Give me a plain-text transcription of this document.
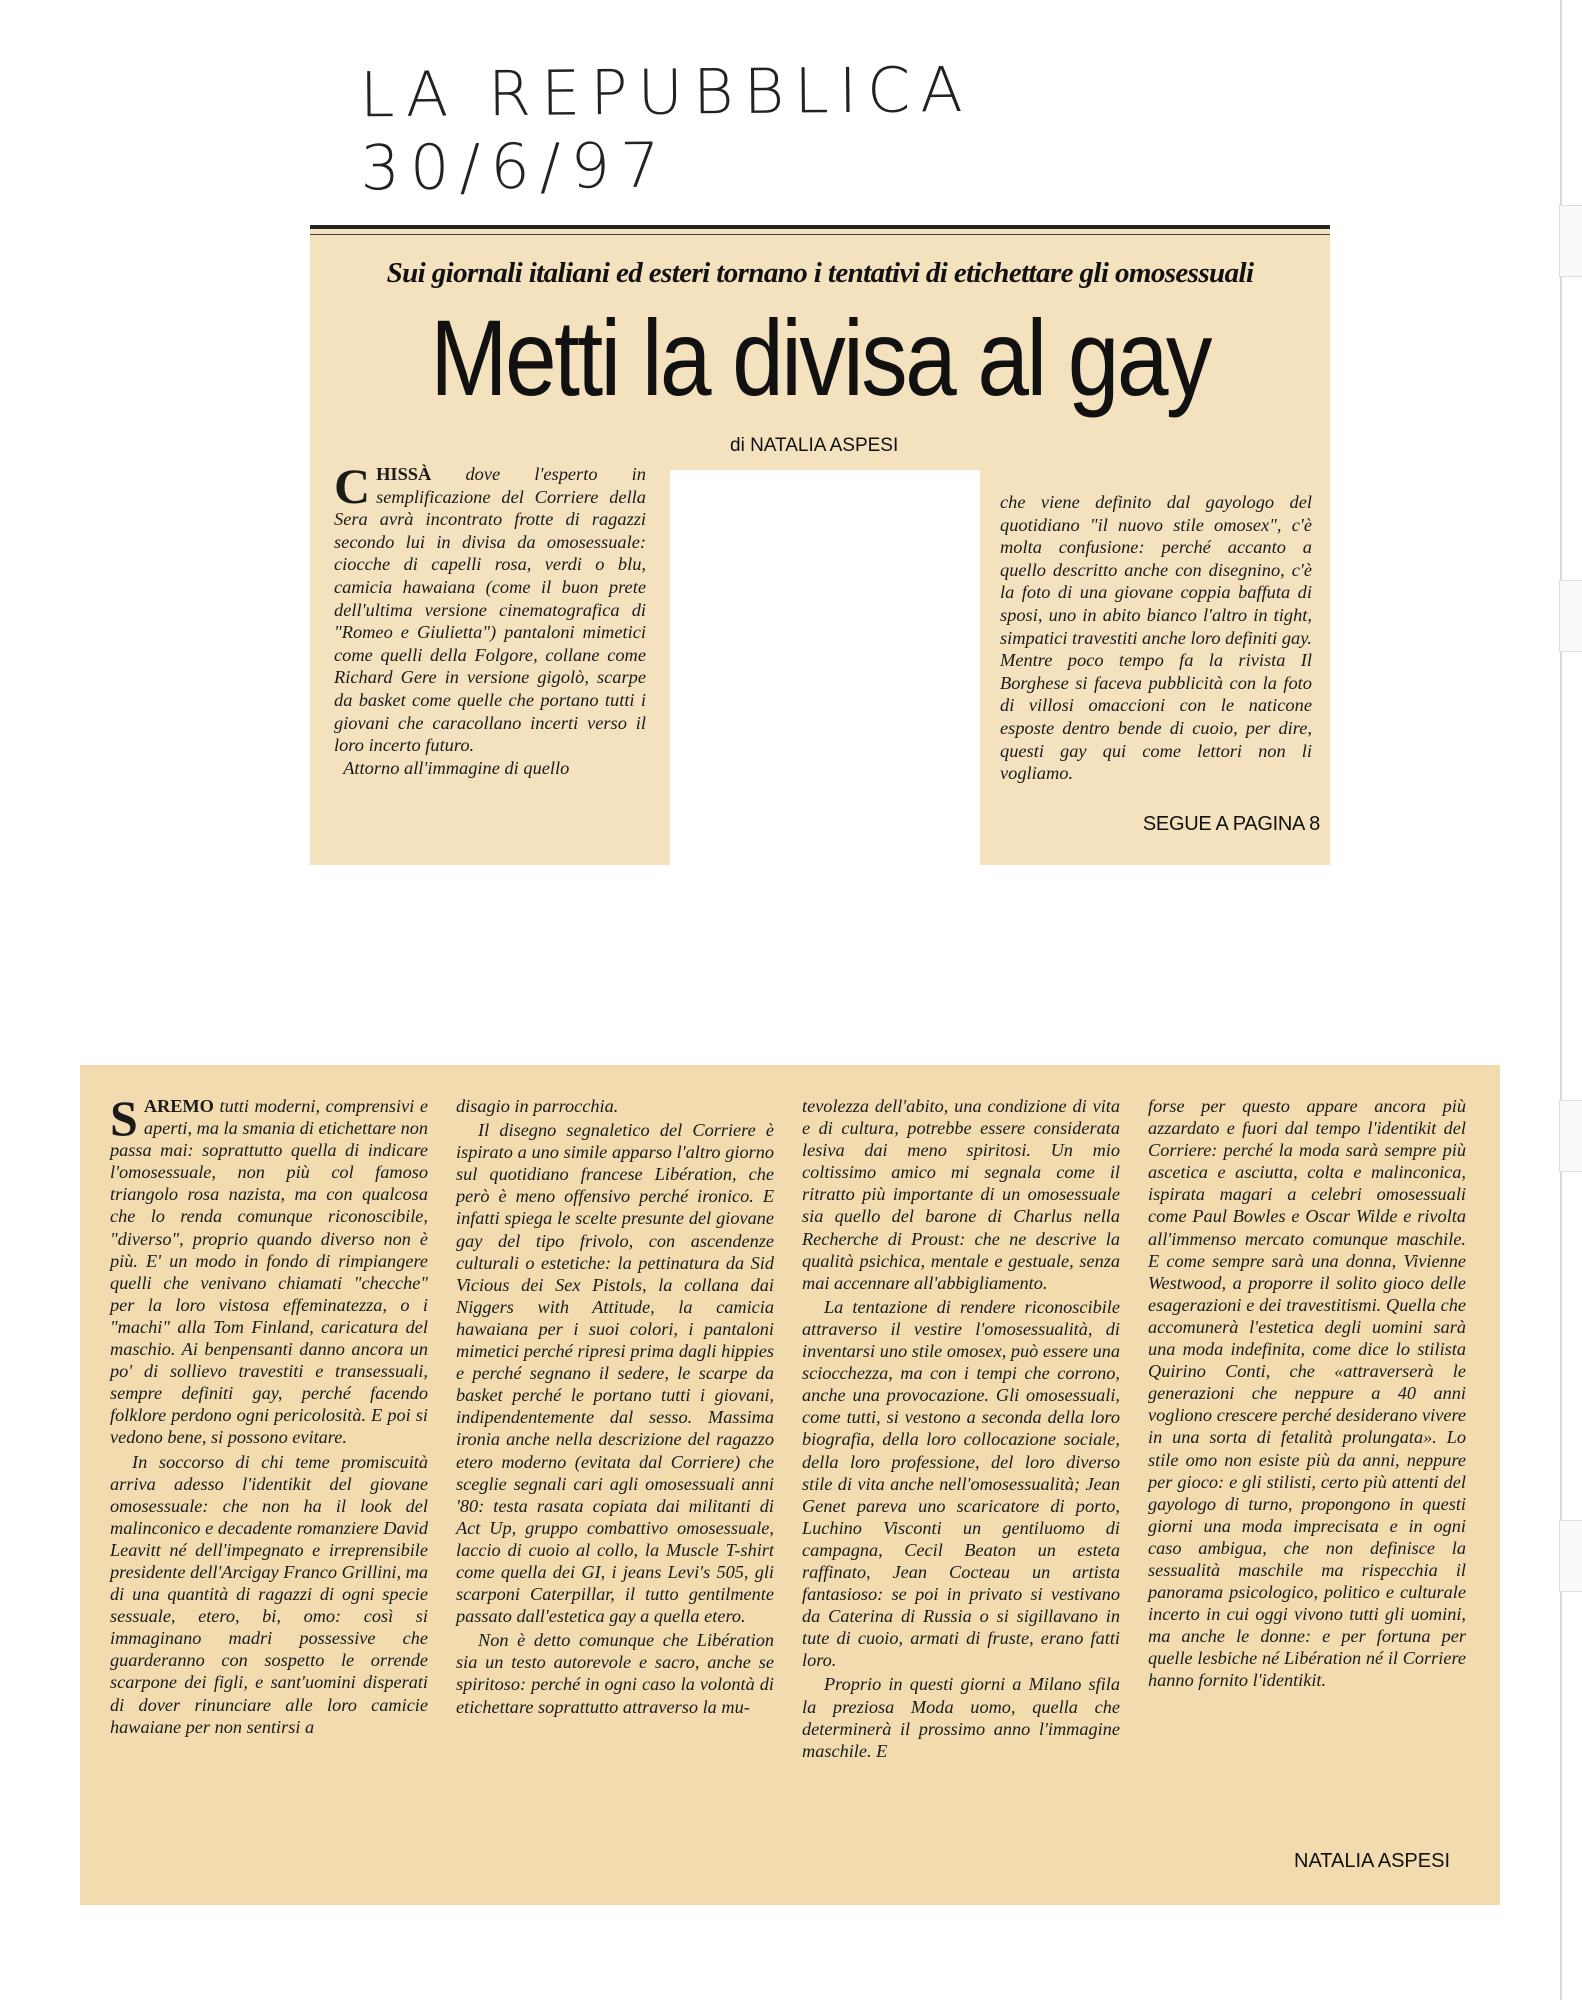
LA REPUBBLICA 30/6/97
Sui giornali italiani ed esteri tornano i tentativi di etichettare gli omosessuali
Metti la divisa al gay
di NATALIA ASPESI
CHISSÀ dove l'esperto in semplificazione del Corriere della Sera avrà incontrato frotte di ragazzi secondo lui in divisa da omosessuale: ciocche di capelli rosa, verdi o blu, camicia hawaiana (come il buon prete dell'ultima versione cinematografica di "Romeo e Giulietta") pantaloni mimetici come quelli della Folgore, collane come Richard Gere in versione gigolò, scarpe da basket come quelle che portano tutti i giovani che caracollano incerti verso il loro incerto futuro.
Attorno all'immagine di quello
che viene definito dal gayologo del quotidiano "il nuovo stile omosex", c'è molta confusione: perché accanto a quello descritto anche con disegnino, c'è la foto di una giovane coppia baffuta di sposi, uno in abito bianco l'altro in tight, simpatici travestiti anche loro definiti gay. Mentre poco tempo fa la rivista Il Borghese si faceva pubblicità con la foto di villosi omaccioni con le naticone esposte dentro bende di cuoio, per dire, questi gay qui come lettori non li vogliamo.
SEGUE A PAGINA 8

SAREMO tutti moderni, comprensivi e aperti, ma la smania di etichettare non passa mai: soprattutto quella di indicare l'omosessuale, non più col famoso triangolo rosa nazista, ma con qualcosa che lo renda comunque riconoscibile, "diverso", proprio quando diverso non è più. E' un modo in fondo di rimpiangere quelli che venivano chiamati "checche" per la loro vistosa effeminatezza, o i "machi" alla Tom Finland, caricatura del maschio. Ai benpensanti danno ancora un po' di sollievo travestiti e transessuali, sempre definiti gay, perché facendo folklore perdono ogni pericolosità. E poi si vedono bene, si possono evitare.

In soccorso di chi teme promiscuità arriva adesso l'identikit del giovane omosessuale: che non ha il look del malinconico e decadente romanziere David Leavitt né dell'impegnato e irreprensibile presidente dell'Arcigay Franco Grillini, ma di una quantità di ragazzi di ogni specie sessuale, etero, bi, omo: così si immaginano madri possessive che guarderanno con sospetto le orrende scarpone dei figli, e sant'uomini disperati di dover rinunciare alle loro camicie hawaiane per non sentirsi a

disagio in parrocchia.

Il disegno segnaletico del Corriere è ispirato a uno simile apparso l'altro giorno sul quotidiano francese Libération, che però è meno offensivo perché ironico. E infatti spiega le scelte presunte del giovane gay del tipo frivolo, con ascendenze culturali o estetiche: la pettinatura da Sid Vicious dei Sex Pistols, la collana dai Niggers with Attitude, la camicia hawaiana per i suoi colori, i pantaloni mimetici perché ripresi prima dagli hippies e perché segnano il sedere, le scarpe da basket perché le portano tutti i giovani, indipendentemente dal sesso. Massima ironia anche nella descrizione del ragazzo etero moderno (evitata dal Corriere) che sceglie segnali cari agli omosessuali anni '80: testa rasata copiata dai militanti di Act Up, gruppo combattivo omosessuale, laccio di cuoio al collo, la Muscle T-shirt come quella dei GI, i jeans Levi's 505, gli scarponi Caterpillar, il tutto gentilmente passato dall'estetica gay a quella etero.

Non è detto comunque che Libération sia un testo autorevole e sacro, anche se spiritoso: perché in ogni caso la volontà di etichettare soprattutto attraverso la mu-

tevolezza dell'abito, una condizione di vita e di cultura, potrebbe essere considerata lesiva dai meno spiritosi. Un mio coltissimo amico mi segnala come il ritratto più importante di un omosessuale sia quello del barone di Charlus nella Recherche di Proust: che ne descrive la qualità psichica, mentale e gestuale, senza mai accennare all'abbigliamento.

La tentazione di rendere riconoscibile attraverso il vestire l'omosessualità, di inventarsi uno stile omosex, può essere una sciocchezza, ma con i tempi che corrono, anche una provocazione. Gli omosessuali, come tutti, si vestono a seconda della loro biografia, della loro collocazione sociale, della loro professione, del loro diverso stile di vita anche nell'omosessualità; Jean Genet pareva uno scaricatore di porto, Luchino Visconti un gentiluomo di campagna, Cecil Beaton un esteta raffinato, Jean Cocteau un artista fantasioso: se poi in privato si vestivano da Caterina di Russia o si sigillavano in tute di cuoio, armati di fruste, erano fatti loro.

Proprio in questi giorni a Milano sfila la preziosa Moda uomo, quella che determinerà il prossimo anno l'immagine maschile. E

forse per questo appare ancora più azzardato e fuori dal tempo l'identikit del Corriere: perché la moda sarà sempre più ascetica e asciutta, colta e malinconica, ispirata magari a celebri omosessuali come Paul Bowles e Oscar Wilde e rivolta all'immenso mercato comunque maschile. E come sempre sarà una donna, Vivienne Westwood, a proporre il solito gioco delle esagerazioni e dei travestitismi. Quella che accomunerà l'estetica degli uomini sarà una moda indefinita, come dice lo stilista Quirino Conti, che «attraverserà le generazioni che neppure a 40 anni vogliono crescere perché desiderano vivere in una sorta di fetalità prolungata». Lo stile omo non esiste più da anni, neppure per gioco: e gli stilisti, certo più attenti del gayologo di turno, propongono in questi giorni una moda imprecisata e in ogni caso ambigua, che non definisce la sessualità maschile ma rispecchia il panorama psicologico, politico e culturale incerto in cui oggi vivono tutti gli uomini, ma anche le donne: e per fortuna per quelle lesbiche né Libération né il Corriere hanno fornito l'identikit.

NATALIA ASPESI
